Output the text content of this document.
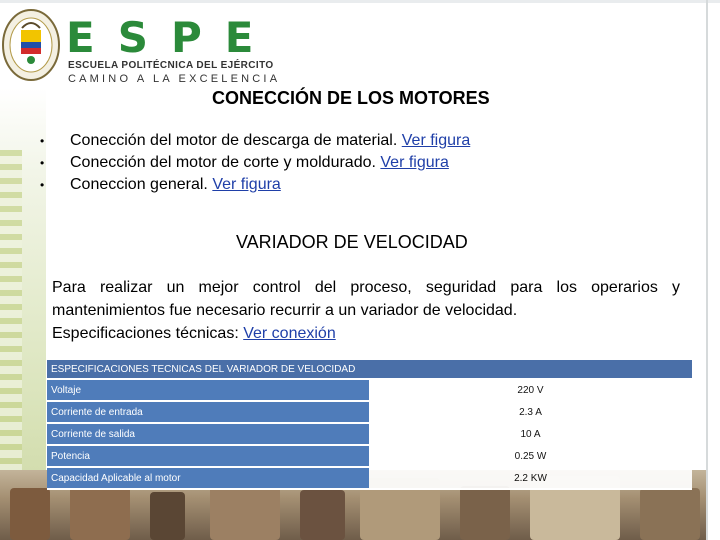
ESPE
ESCUELA POLITÉCNICA DEL EJÉRCITO
CAMINO A LA EXCELENCIA
CONECCIÓN DE LOS MOTORES
•	Conección del motor de descarga de material. Ver figura
•	Conección del motor de corte y moldurado. Ver figura
•	Coneccion general. Ver figura
VARIADOR DE VELOCIDAD
Para realizar un mejor control del proceso, seguridad para los operarios y mantenimientos fue necesario recurrir a un variador de velocidad.
Especificaciones técnicas: Ver conexión
ESPECIFICACIONES TECNICAS DEL VARIADOR DE VELOCIDAD	
Voltaje	220 V
Corriente de entrada	2.3 A
Corriente de salida	10 A
Potencia	0.25 W
Capacidad Aplicable al motor	2.2 KW
